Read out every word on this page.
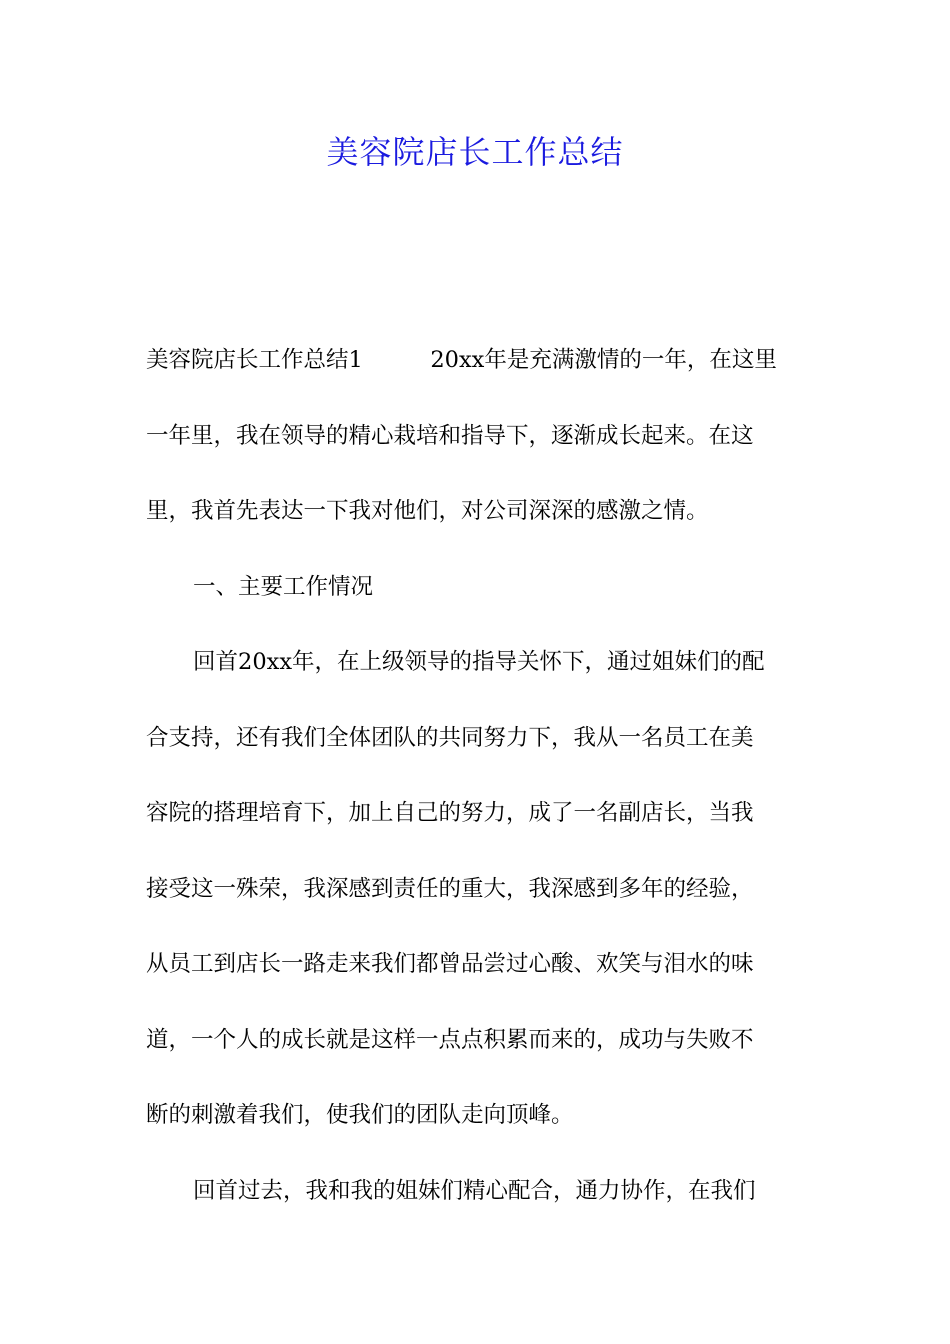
美容院店长工作总结
美容院店长工作总结1　　　20xx年是充满激情的一年，在这里
一年里，我在领导的精心栽培和指导下，逐渐成长起来。在这
里，我首先表达一下我对他们，对公司深深的感激之情。
一、主要工作情况
回首20xx年，在上级领导的指导关怀下，通过姐妹们的配
合支持，还有我们全体团队的共同努力下，我从一名员工在美
容院的搭理培育下，加上自己的努力，成了一名副店长，当我
接受这一殊荣，我深感到责任的重大，我深感到多年的经验，
从员工到店长一路走来我们都曾品尝过心酸、欢笑与泪水的味
道，一个人的成长就是这样一点点积累而来的，成功与失败不
断的刺激着我们，使我们的团队走向顶峰。
回首过去，我和我的姐妹们精心配合，通力协作，在我们
